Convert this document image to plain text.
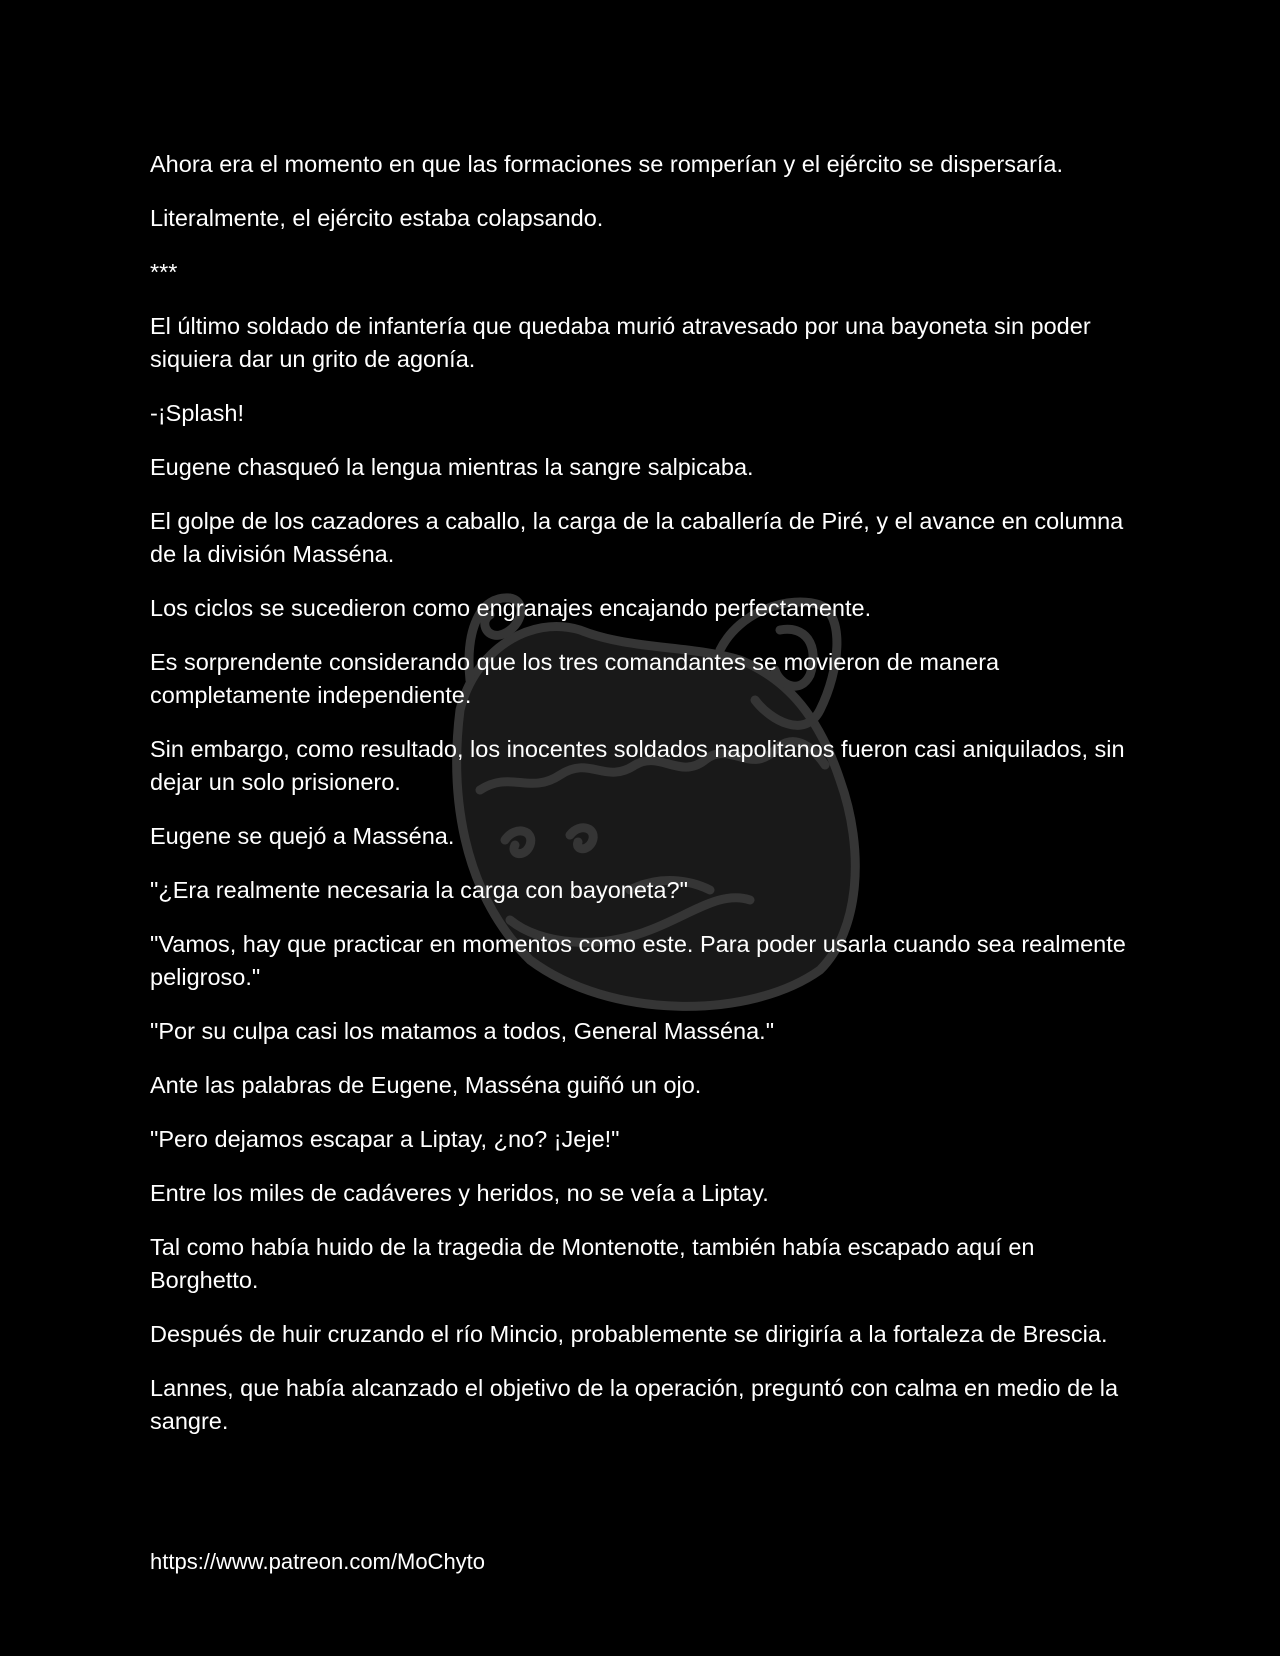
Ahora era el momento en que las formaciones se romperían y el ejército se dispersaría.

Literalmente, el ejército estaba colapsando.

***

El último soldado de infantería que quedaba murió atravesado por una bayoneta sin poder siquiera dar un grito de agonía.

-¡Splash!

Eugene chasqueó la lengua mientras la sangre salpicaba.

El golpe de los cazadores a caballo, la carga de la caballería de Piré, y el avance en columna de la división Masséna.

Los ciclos se sucedieron como engranajes encajando perfectamente.

Es sorprendente considerando que los tres comandantes se movieron de manera completamente independiente.

Sin embargo, como resultado, los inocentes soldados napolitanos fueron casi aniquilados, sin dejar un solo prisionero.

Eugene se quejó a Masséna.

"¿Era realmente necesaria la carga con bayoneta?"

"Vamos, hay que practicar en momentos como este. Para poder usarla cuando sea realmente peligroso."

"Por su culpa casi los matamos a todos, General Masséna."

Ante las palabras de Eugene, Masséna guiñó un ojo.

"Pero dejamos escapar a Liptay, ¿no? ¡Jeje!"

Entre los miles de cadáveres y heridos, no se veía a Liptay.

Tal como había huido de la tragedia de Montenotte, también había escapado aquí en Borghetto.

Después de huir cruzando el río Mincio, probablemente se dirigiría a la fortaleza de Brescia.

Lannes, que había alcanzado el objetivo de la operación, preguntó con calma en medio de la sangre.

https://www.patreon.com/MoChyto
